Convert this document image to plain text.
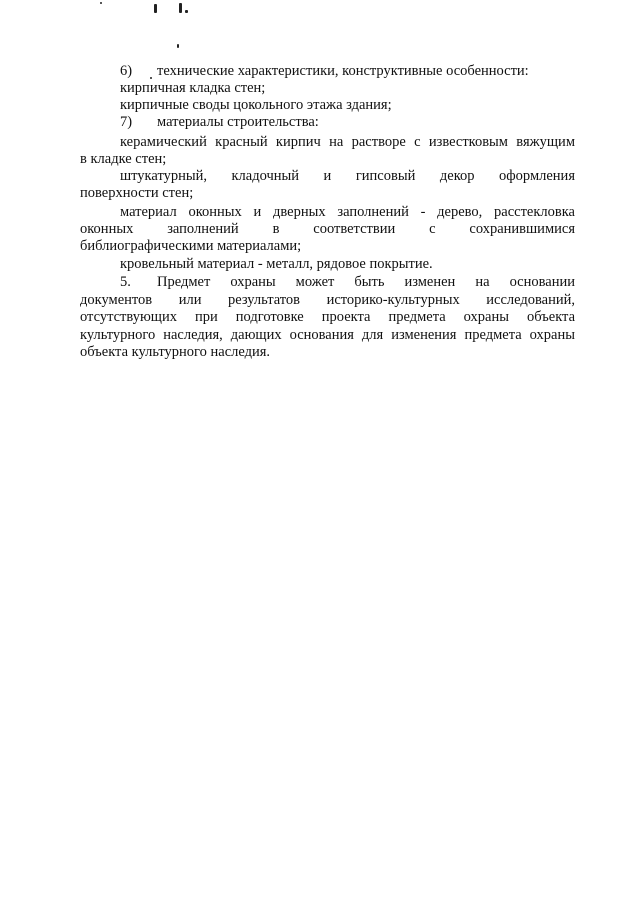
6) технические характеристики, конструктивные особенности:
кирпичная кладка стен;
кирпичные своды цокольного этажа здания;
7) материалы строительства:
керамический красный кирпич на растворе с известковым вяжущим
в кладке стен;
штукатурный, кладочный и гипсовый декор оформления
поверхности стен;
материал оконных и дверных заполнений - дерево, расстекловка
оконных заполнений в соответствии с сохранившимися
библиографическими материалами;
кровельный материал - металл, рядовое покрытие.
5. Предмет охраны может быть изменен на основании
документов или результатов историко-культурных исследований,
отсутствующих при подготовке проекта предмета охраны объекта
культурного наследия, дающих основания для изменения предмета охраны
объекта культурного наследия.
